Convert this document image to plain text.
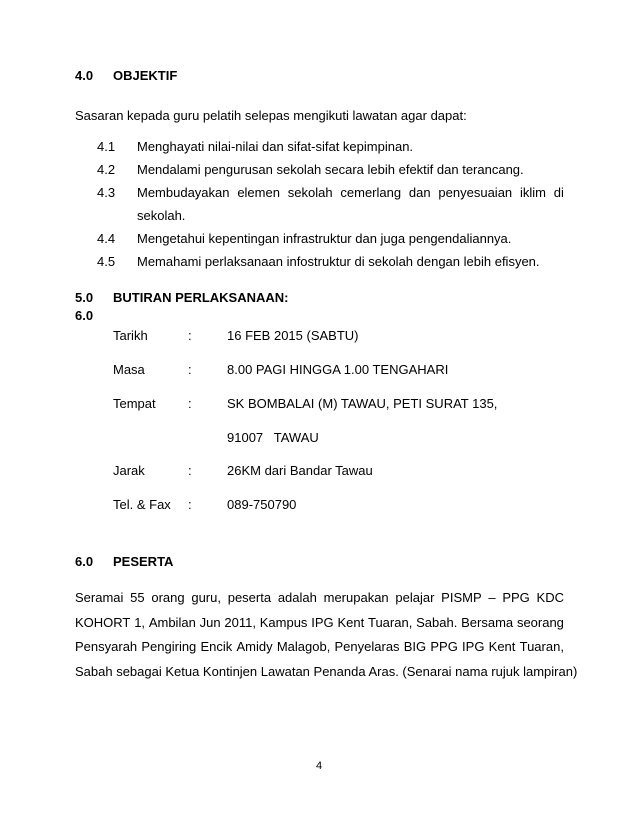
4.0 OBJEKTIF
Sasaran kepada guru pelatih selepas mengikuti lawatan agar dapat:
4.1 Menghayati nilai-nilai dan sifat-sifat kepimpinan.
4.2 Mendalami pengurusan sekolah secara lebih efektif dan terancang.
4.3 Membudayakan elemen sekolah cemerlang dan penyesuaian iklim di
sekolah.
4.4 Mengetahui kepentingan infrastruktur dan juga pengendaliannya.
4.5 Memahami perlaksanaan infostruktur di sekolah dengan lebih efisyen.
5.0 BUTIRAN PERLAKSANAAN:
6.0
Tarikh	:	16 FEB 2015 (SABTU)
Masa	:	8.00 PAGI HINGGA 1.00 TENGAHARI
Tempat :	SK BOMBALAI (M) TAWAU, PETI SURAT 135,
91007   TAWAU
Jarak	:	26KM dari Bandar Tawau
Tel. & Fax :	089-750790
6.0 PESERTA
Seramai 55 orang guru, peserta adalah merupakan pelajar PISMP – PPG KDC
KOHORT 1, Ambilan Jun 2011, Kampus IPG Kent Tuaran, Sabah. Bersama seorang
Pensyarah Pengiring Encik Amidy Malagob, Penyelaras BIG PPG IPG Kent Tuaran,
Sabah sebagai Ketua Kontinjen Lawatan Penanda Aras. (Senarai nama rujuk lampiran)
4
